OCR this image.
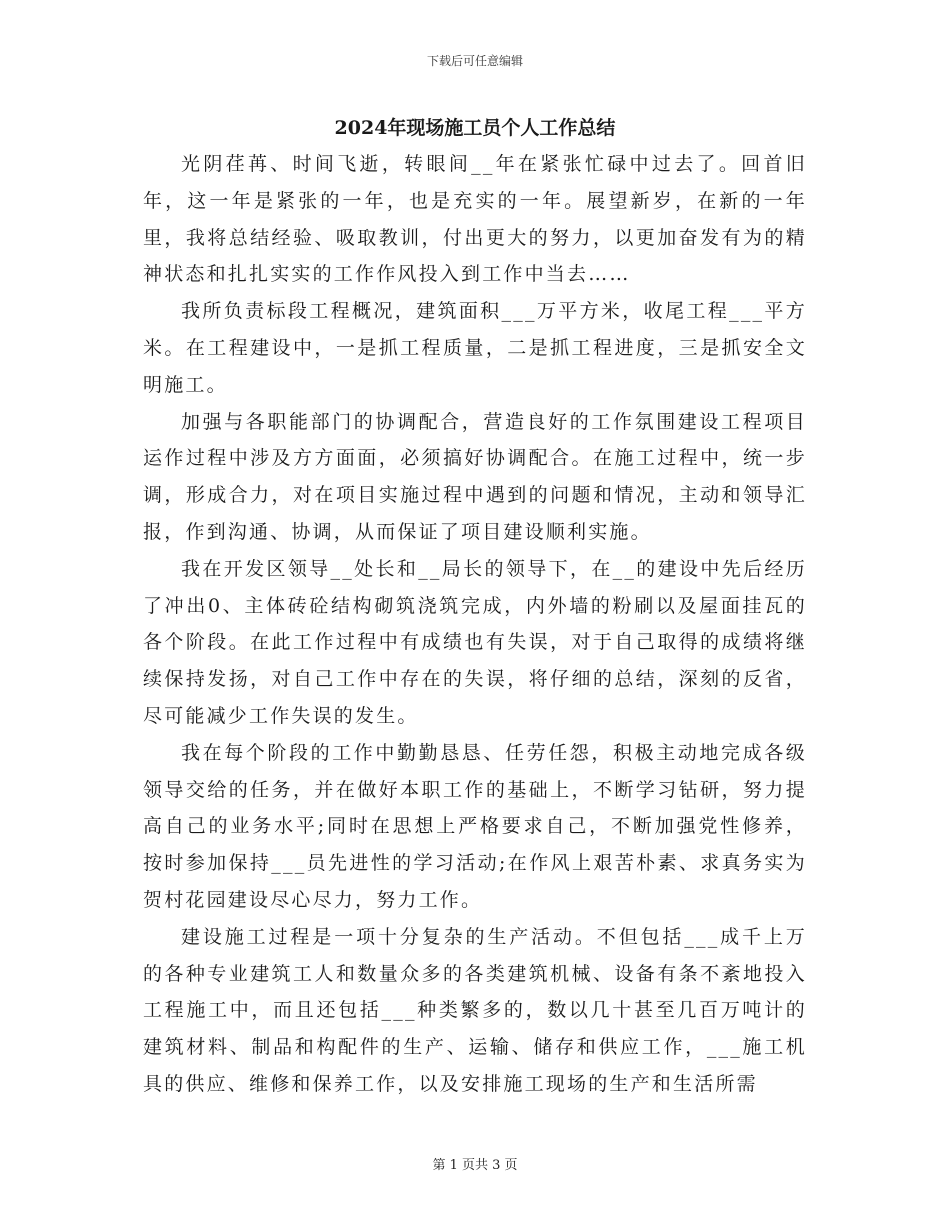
下载后可任意编辑
2024年现场施工员个人工作总结

光阴荏苒、时间飞逝，转眼间__年在紧张忙碌中过去了。回首旧年，这一年是紧张的一年，也是充实的一年。展望新岁，在新的一年里，我将总结经验、吸取教训，付出更大的努力，以更加奋发有为的精神状态和扎扎实实的工作作风投入到工作中当去……

我所负责标段工程概况，建筑面积___万平方米，收尾工程___平方米。在工程建设中，一是抓工程质量，二是抓工程进度，三是抓安全文明施工。

加强与各职能部门的协调配合，营造良好的工作氛围建设工程项目运作过程中涉及方方面面，必须搞好协调配合。在施工过程中，统一步调，形成合力，对在项目实施过程中遇到的问题和情况，主动和领导汇报，作到沟通、协调，从而保证了项目建设顺利实施。

我在开发区领导__处长和__局长的领导下，在__的建设中先后经历了冲出0、主体砖砼结构砌筑浇筑完成，内外墙的粉刷以及屋面挂瓦的各个阶段。在此工作过程中有成绩也有失误，对于自己取得的成绩将继续保持发扬，对自己工作中存在的失误，将仔细的总结，深刻的反省，尽可能减少工作失误的发生。

我在每个阶段的工作中勤勤恳恳、任劳任怨，积极主动地完成各级领导交给的任务，并在做好本职工作的基础上，不断学习钻研，努力提高自己的业务水平;同时在思想上严格要求自己，不断加强党性修养，按时参加保持___员先进性的学习活动;在作风上艰苦朴素、求真务实为贺村花园建设尽心尽力，努力工作。

建设施工过程是一项十分复杂的生产活动。不但包括___成千上万的各种专业建筑工人和数量众多的各类建筑机械、设备有条不紊地投入工程施工中，而且还包括___种类繁多的，数以几十甚至几百万吨计的建筑材料、制品和构配件的生产、运输、储存和供应工作，___施工机具的供应、维修和保养工作，以及安排施工现场的生产和生活所需

第 1 页共 3 页
